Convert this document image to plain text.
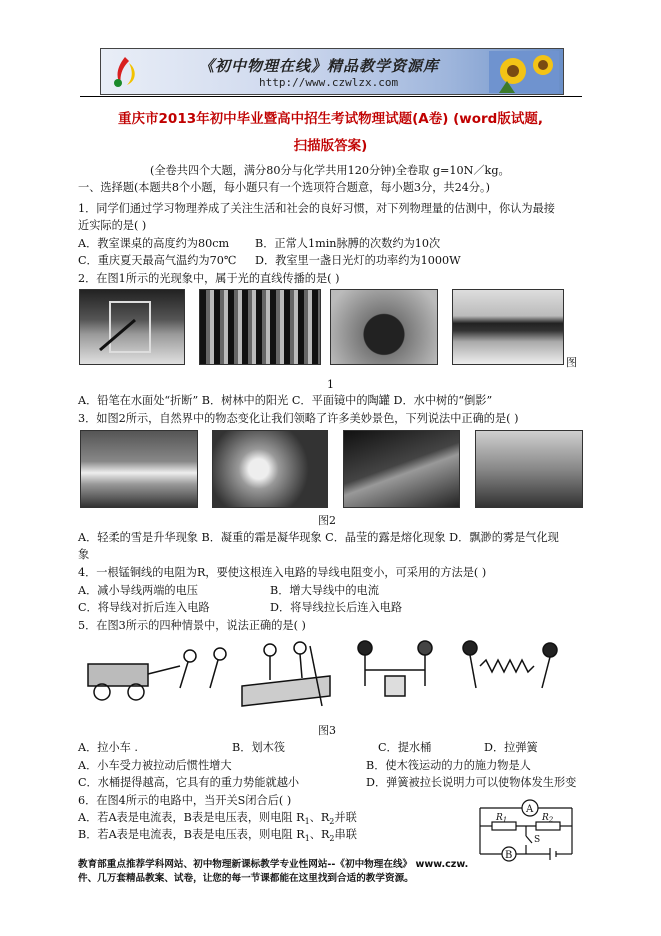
《初中物理在线》精品教学资源库
http://www.czwlzx.com
重庆市2013年初中毕业暨高中招生考试物理试题(A卷) (word版试题,
扫描版答案)
(全卷共四个大题，满分80分与化学共用120分钟)全卷取 g=10N／kg。
一、选择题(本题共8个小题，每小题只有一个选项符合题意，每小题3分，共24分。)
1．同学们通过学习物理养成了关注生活和社会的良好习惯，对下列物理量的估测中，你认为最接
近实际的是( )
A．教室课桌的高度约为80cm B．正常人1min脉膊的次数约为10次
C．重庆夏天最高气温约为70℃ D．教室里一盏日光灯的功率约为1000W
2．在图1所示的光现象中，属于光的直线传播的是( )
图
1
A．铅笔在水面处“折断” B．树林中的阳光 C．平面镜中的陶罐 D．水中树的“倒影”
3．如图2所示，自然界中的物态变化让我们领略了许多美妙景色，下列说法中正确的是( )
图2
A．轻柔的雪是升华现象 B．凝重的霜是凝华现象 C．晶莹的露是熔化现象 D．飘渺的雾是气化现
象
4．一根锰铜线的电阻为R，要使这根连入电路的导线电阻变小，可采用的方法是( )
A．减小导线两端的电压	B．增大导线中的电流
C．将导线对折后连入电路	D．将导线拉长后连入电路
5．在图3所示的四种情景中，说法正确的是( )
图3
A．拉小车 .	B．划木筏	C．提水桶	D．拉弹簧
A．小车受力被拉动后惯性增大	B．使木筏运动的力的施力物是人
C．水桶提得越高，它具有的重力势能就越小	D．弹簧被拉长说明力可以使物体发生形变
6．在图4所示的电路中，当开关S闭合后( )
A．若A表是电流表，B表是电压表，则电阻 $R_1$、$R_2$并联
B．若A表是电流表，B表是电压表，则电阻 $R_1$、$R_2$串联
A
B
$R_1$	$R_2$
S
教育部重点推荐学科网站、初中物理新课标教学专业性网站--《初中物理在线》 www.czw.
件、几万套精品教案、试卷，让您的每一节课都能在这里找到合适的教学资源。
